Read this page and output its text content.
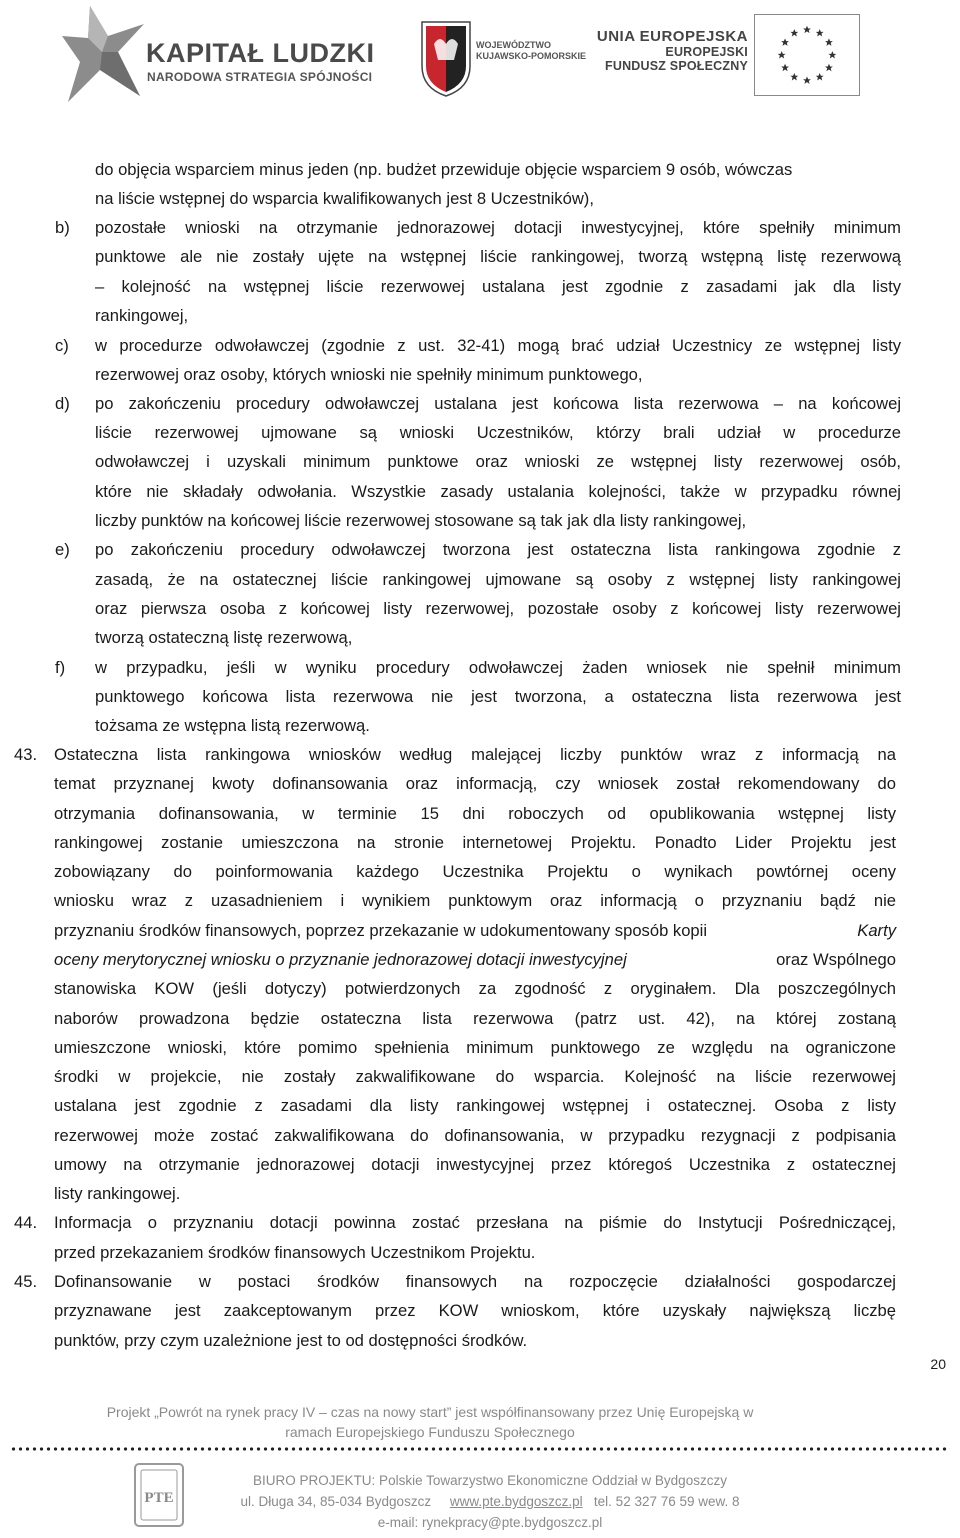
KAPITAŁ LUDZKI
NARODOWA STRATEGIA SPÓJNOŚCI
WOJEWÓDZTWO
KUJAWSKO-POMORSKIE
UNIA EUROPEJSKA
EUROPEJSKI
FUNDUSZ SPOŁECZNY
do objęcia wsparciem minus jeden (np. budżet przewiduje objęcie wsparciem 9 osób, wówczas
na liście wstępnej do wsparcia kwalifikowanych jest 8 Uczestników),
b) pozostałe wnioski na otrzymanie jednorazowej dotacji inwestycyjnej, które spełniły minimum
punktowe ale nie zostały ujęte na wstępnej liście rankingowej, tworzą wstępną listę rezerwową
– kolejność na wstępnej liście rezerwowej ustalana jest zgodnie z zasadami jak dla listy
rankingowej,
c) w procedurze odwoławczej (zgodnie z ust. 32-41) mogą brać udział Uczestnicy ze wstępnej listy
rezerwowej oraz osoby, których wnioski nie spełniły minimum punktowego,
d) po zakończeniu procedury odwoławczej ustalana jest końcowa lista rezerwowa – na końcowej
liście rezerwowej ujmowane są wnioski Uczestników, którzy brali udział w procedurze
odwoławczej i uzyskali minimum punktowe oraz wnioski ze wstępnej listy rezerwowej osób,
które nie składały odwołania. Wszystkie zasady ustalania kolejności, także w przypadku równej
liczby punktów na końcowej liście rezerwowej stosowane są tak jak dla listy rankingowej,
e) po zakończeniu procedury odwoławczej tworzona jest ostateczna lista rankingowa zgodnie z
zasadą, że na ostatecznej liście rankingowej ujmowane są osoby z wstępnej listy rankingowej
oraz pierwsza osoba z końcowej listy rezerwowej, pozostałe osoby z końcowej listy rezerwowej
tworzą ostateczną listę rezerwową,
f) w przypadku, jeśli w wyniku procedury odwoławczej żaden wniosek nie spełnił minimum
punktowego końcowa lista rezerwowa nie jest tworzona, a ostateczna lista rezerwowa jest
tożsama ze wstępna listą rezerwową.
43. Ostateczna lista rankingowa wniosków według malejącej liczby punktów wraz z informacją na
temat przyznanej kwoty dofinansowania oraz informacją, czy wniosek został rekomendowany do
otrzymania dofinansowania, w terminie 15 dni roboczych od opublikowania wstępnej listy
rankingowej zostanie umieszczona na stronie internetowej Projektu. Ponadto Lider Projektu jest
zobowiązany do poinformowania każdego Uczestnika Projektu o wynikach powtórnej oceny
wniosku wraz z uzasadnieniem i wynikiem punktowym oraz informacją o przyznaniu bądź nie
przyznaniu środków finansowych, poprzez przekazanie w udokumentowany sposób kopii	Karty
oceny merytorycznej wniosku o przyznanie jednorazowej dotacji inwestycyjnej	oraz Wspólnego
stanowiska KOW (jeśli dotyczy) potwierdzonych za zgodność z oryginałem. Dla poszczególnych
naborów prowadzona będzie ostateczna lista rezerwowa (patrz ust. 42), na której zostaną
umieszczone wnioski, które pomimo spełnienia minimum punktowego ze względu na ograniczone
środki w projekcie, nie zostały zakwalifikowane do wsparcia. Kolejność na liście rezerwowej
ustalana jest zgodnie z zasadami dla listy rankingowej wstępnej i ostatecznej. Osoba z listy
rezerwowej może zostać zakwalifikowana do dofinansowania, w przypadku rezygnacji z podpisania
umowy na otrzymanie jednorazowej dotacji inwestycyjnej przez któregoś Uczestnika z ostatecznej
listy rankingowej.
44. Informacja o przyznaniu dotacji powinna zostać przesłana na piśmie do Instytucji Pośredniczącej,
przed przekazaniem środków finansowych Uczestnikom Projektu.
45. Dofinansowanie w postaci środków finansowych na rozpoczęcie działalności gospodarczej
przyznawane jest zaakceptowanym przez KOW wnioskom, które uzyskały największą liczbę
punktów, przy czym uzależnione jest to od dostępności środków.
20
Projekt „Powrót na rynek pracy IV – czas na nowy start” jest współfinansowany przez Unię Europejską w
ramach Europejskiego Funduszu Społecznego
PTE
BIURO PROJEKTU: Polskie Towarzystwo Ekonomiczne Oddział w Bydgoszczy
ul. Długa 34, 85-034 Bydgoszcz www.pte.bydgoszcz.pl tel. 52 327 76 59 wew. 8
e-mail: rynekpracy@pte.bydgoszcz.pl
